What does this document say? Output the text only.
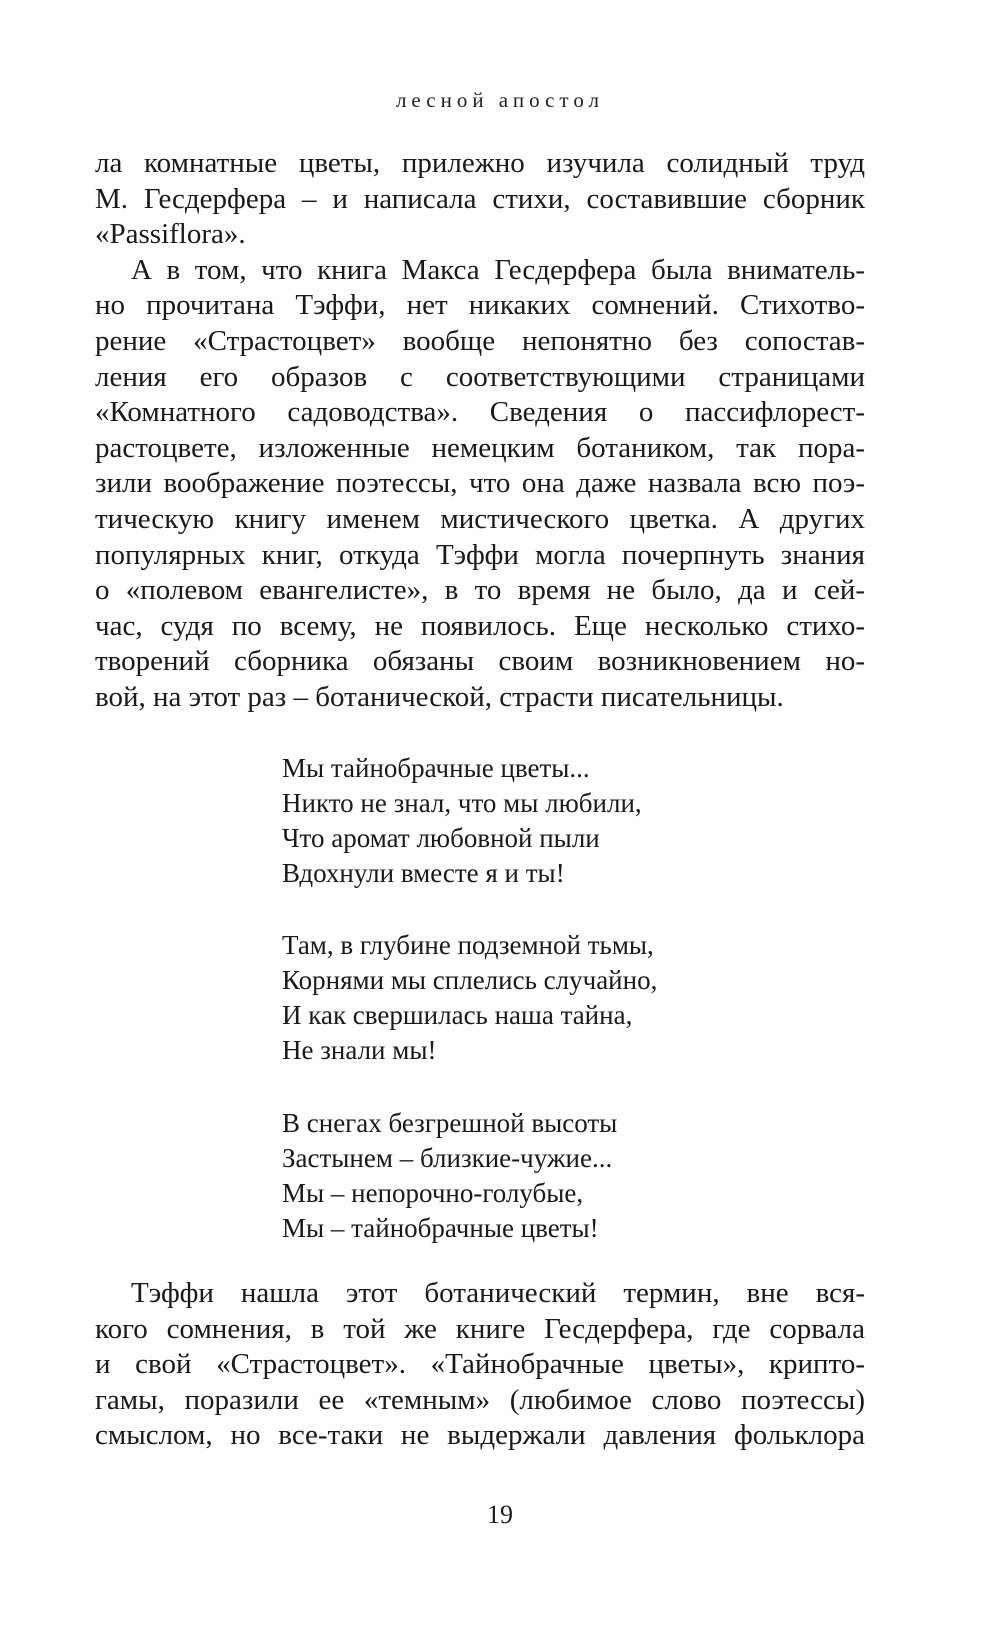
лесной апостол
ла комнатные цветы, прилежно изучила солидный труд
М. Гесдерфера – и написала стихи, составившие сборник
«Passiflora».
А в том, что книга Макса Гесдерфера была вниматель-
но прочитана Тэффи, нет никаких сомнений. Стихотво-
рение «Страстоцвет» вообще непонятно без сопостав-
ления его образов с соответствующими страницами
«Комнатного садоводства». Сведения о пассифлорест-
растоцвете, изложенные немецким ботаником, так пора-
зили воображение поэтессы, что она даже назвала всю поэ-
тическую книгу именем мистического цветка. А других
популярных книг, откуда Тэффи могла почерпнуть знания
о «полевом евангелисте», в то время не было, да и сей-
час, судя по всему, не появилось. Еще несколько стихо-
творений сборника обязаны своим возникновением но-
вой, на этот раз – ботанической, страсти писательницы.
Мы тайнобрачные цветы...
Никто не знал, что мы любили,
Что аромат любовной пыли
Вдохнули вместе я и ты!
Там, в глубине подземной тьмы,
Корнями мы сплелись случайно,
И как свершилась наша тайна,
Не знали мы!
В снегах безгрешной высоты
Застынем – близкие-чужие...
Мы – непорочно-голубые,
Мы – тайнобрачные цветы!
Тэффи нашла этот ботанический термин, вне вся-
кого сомнения, в той же книге Гесдерфера, где сорвала
и свой «Страстоцвет». «Тайнобрачные цветы», крипто-
гамы, поразили ее «темным» (любимое слово поэтессы)
смыслом, но все-таки не выдержали давления фольклора
19
